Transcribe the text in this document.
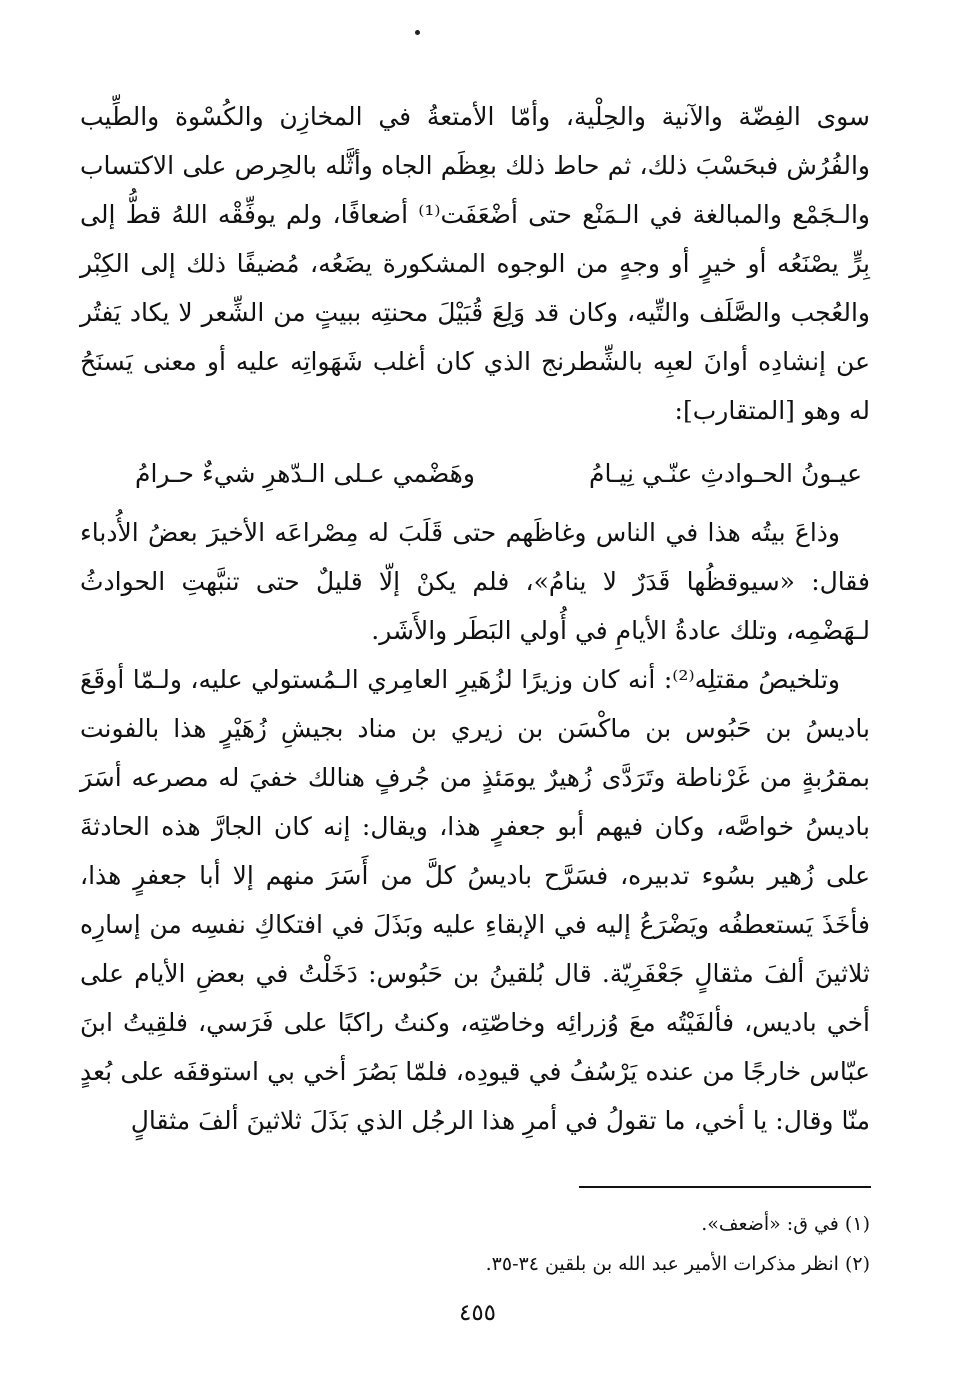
سوى الفِضّة والآنية والحِلْية، وأمّا الأمتعةُ في المخازِن والكُسْوة والطِّيب والفُرُش فبحَسْبَ ذلك، ثم حاط ذلك بعِظَم الجاه وأثَّله بالحِرص على الاكتساب والـجَمْع والمبالغة في الـمَنْع حتى أضْعَفَت⁽¹⁾ أضعافًا، ولم يوفِّقْه اللهُ قطُّ إلى بِرٍّ يصْنَعُه أو خيرٍ أو وجهٍ من الوجوه المشكورة يضَعُه، مُضيفًا ذلك إلى الكِبْر والعُجب والصَّلَف والتِّيه، وكان قد وَلِعَ قُبَيْلَ محنتِه ببيتٍ من الشِّعر لا يكاد يَفتُر عن إنشادِه أوانَ لعبِه بالشِّطرنج الذي كان أغلب شَهَواتِه عليه أو معنى يَسنَحُ له وهو [المتقارب]:

عيـونُ الحـوادثِ عنّـي نِيـامُ
وهَضْمي عـلى الـدّهرِ شيءٌ حـرامُ

وذاعَ بيتُه هذا في الناس وغاظَهم حتى قَلَبَ له مِصْراعَه الأخيرَ بعضُ الأُدباء فقال: «سيوقظُها قَدَرٌ لا ينامُ»، فلم يكنْ إلّا قليلٌ حتى تنبَّهتِ الحوادثُ لـهَضْمِه، وتلك عادةُ الأيامِ في أُولي البَطَر والأَشَر.

وتلخيصُ مقتلِه⁽²⁾: أنه كان وزيرًا لزُهَيرِ العامِري الـمُستولي عليه، ولـمّا أوقَعَ باديسُ بن حَبُوس بن ماكْسَن بن زيري بن مناد بجيشِ زُهَيْرٍ هذا بالفونت بمقرُبةٍ من غَرْناطة وتَرَدَّى زُهيرٌ يومَئذٍ من جُرفٍ هنالك خفيَ له مصرعه أسَرَ باديسُ خواصَّه، وكان فيهم أبو جعفرٍ هذا، ويقال: إنه كان الجارَّ هذه الحادثةَ على زُهير بسُوء تدبيره، فسَرَّح باديسُ كلَّ من أَسَرَ منهم إلا أبا جعفرٍ هذا، فأخَذَ يَستعطفُه ويَضْرَعُ إليه في الإبقاءِ عليه وبَذَلَ في افتكاكِ نفسِه من إسارِه ثلاثينَ ألفَ مثقالٍ جَعْفَرِيّة. قال بُلقينُ بن حَبُوس: دَخَلْتُ في بعضِ الأيام على أخي باديس، فألفَيْتُه معَ وُزرائِه وخاصّتِه، وكنتُ راكبًا على فَرَسي، فلقِيتُ ابنَ عبّاس خارجًا من عنده يَرْسُفُ في قيودِه، فلمّا بَصُرَ أخي بي استوقفَه على بُعدٍ منّا وقال: يا أخي، ما تقولُ في أمرِ هذا الرجُل الذي بَذَلَ ثلاثينَ ألفَ مثقالٍ

(١) في ق: «أضعف».
(٢) انظر مذكرات الأمير عبد الله بن بلقين ٣٤-٣٥.
٤٥٥
